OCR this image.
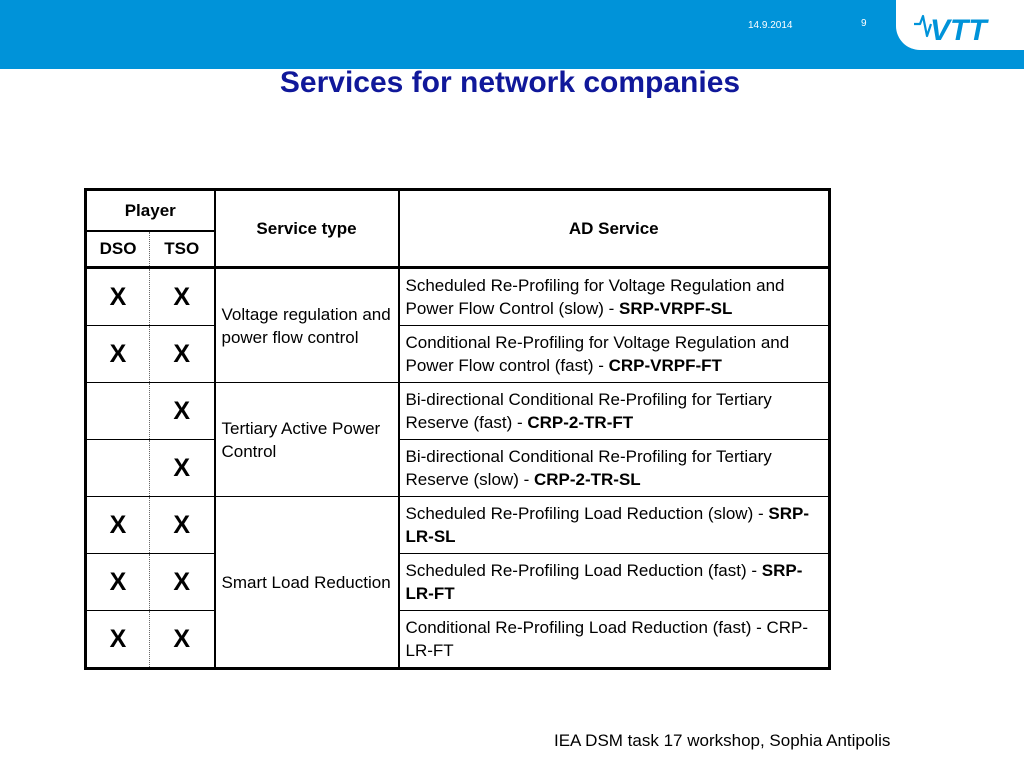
14.9.2014	9 VTT
Services for network companies
Player		Service type	AD Service
DSO	TSO		
X	X	Voltage regulation and power flow control	Scheduled Re-Profiling for Voltage Regulation and Power Flow Control (slow) - SRP-VRPF-SL
X	X		Conditional Re-Profiling for Voltage Regulation and Power Flow control (fast) - CRP-VRPF-FT
	X	Tertiary Active Power Control	Bi-directional Conditional Re-Profiling for Tertiary Reserve (fast) - CRP-2-TR-FT
	X		Bi-directional Conditional Re-Profiling for Tertiary Reserve (slow) - CRP-2-TR-SL
X	X	Smart Load Reduction	Scheduled Re-Profiling Load Reduction (slow) - SRP-LR-SL
X	X		Scheduled Re-Profiling Load Reduction (fast) - SRP-LR-FT
X	X		Conditional Re-Profiling Load Reduction (fast) - CRP-LR-FT
IEA DSM task 17 workshop, Sophia Antipolis
